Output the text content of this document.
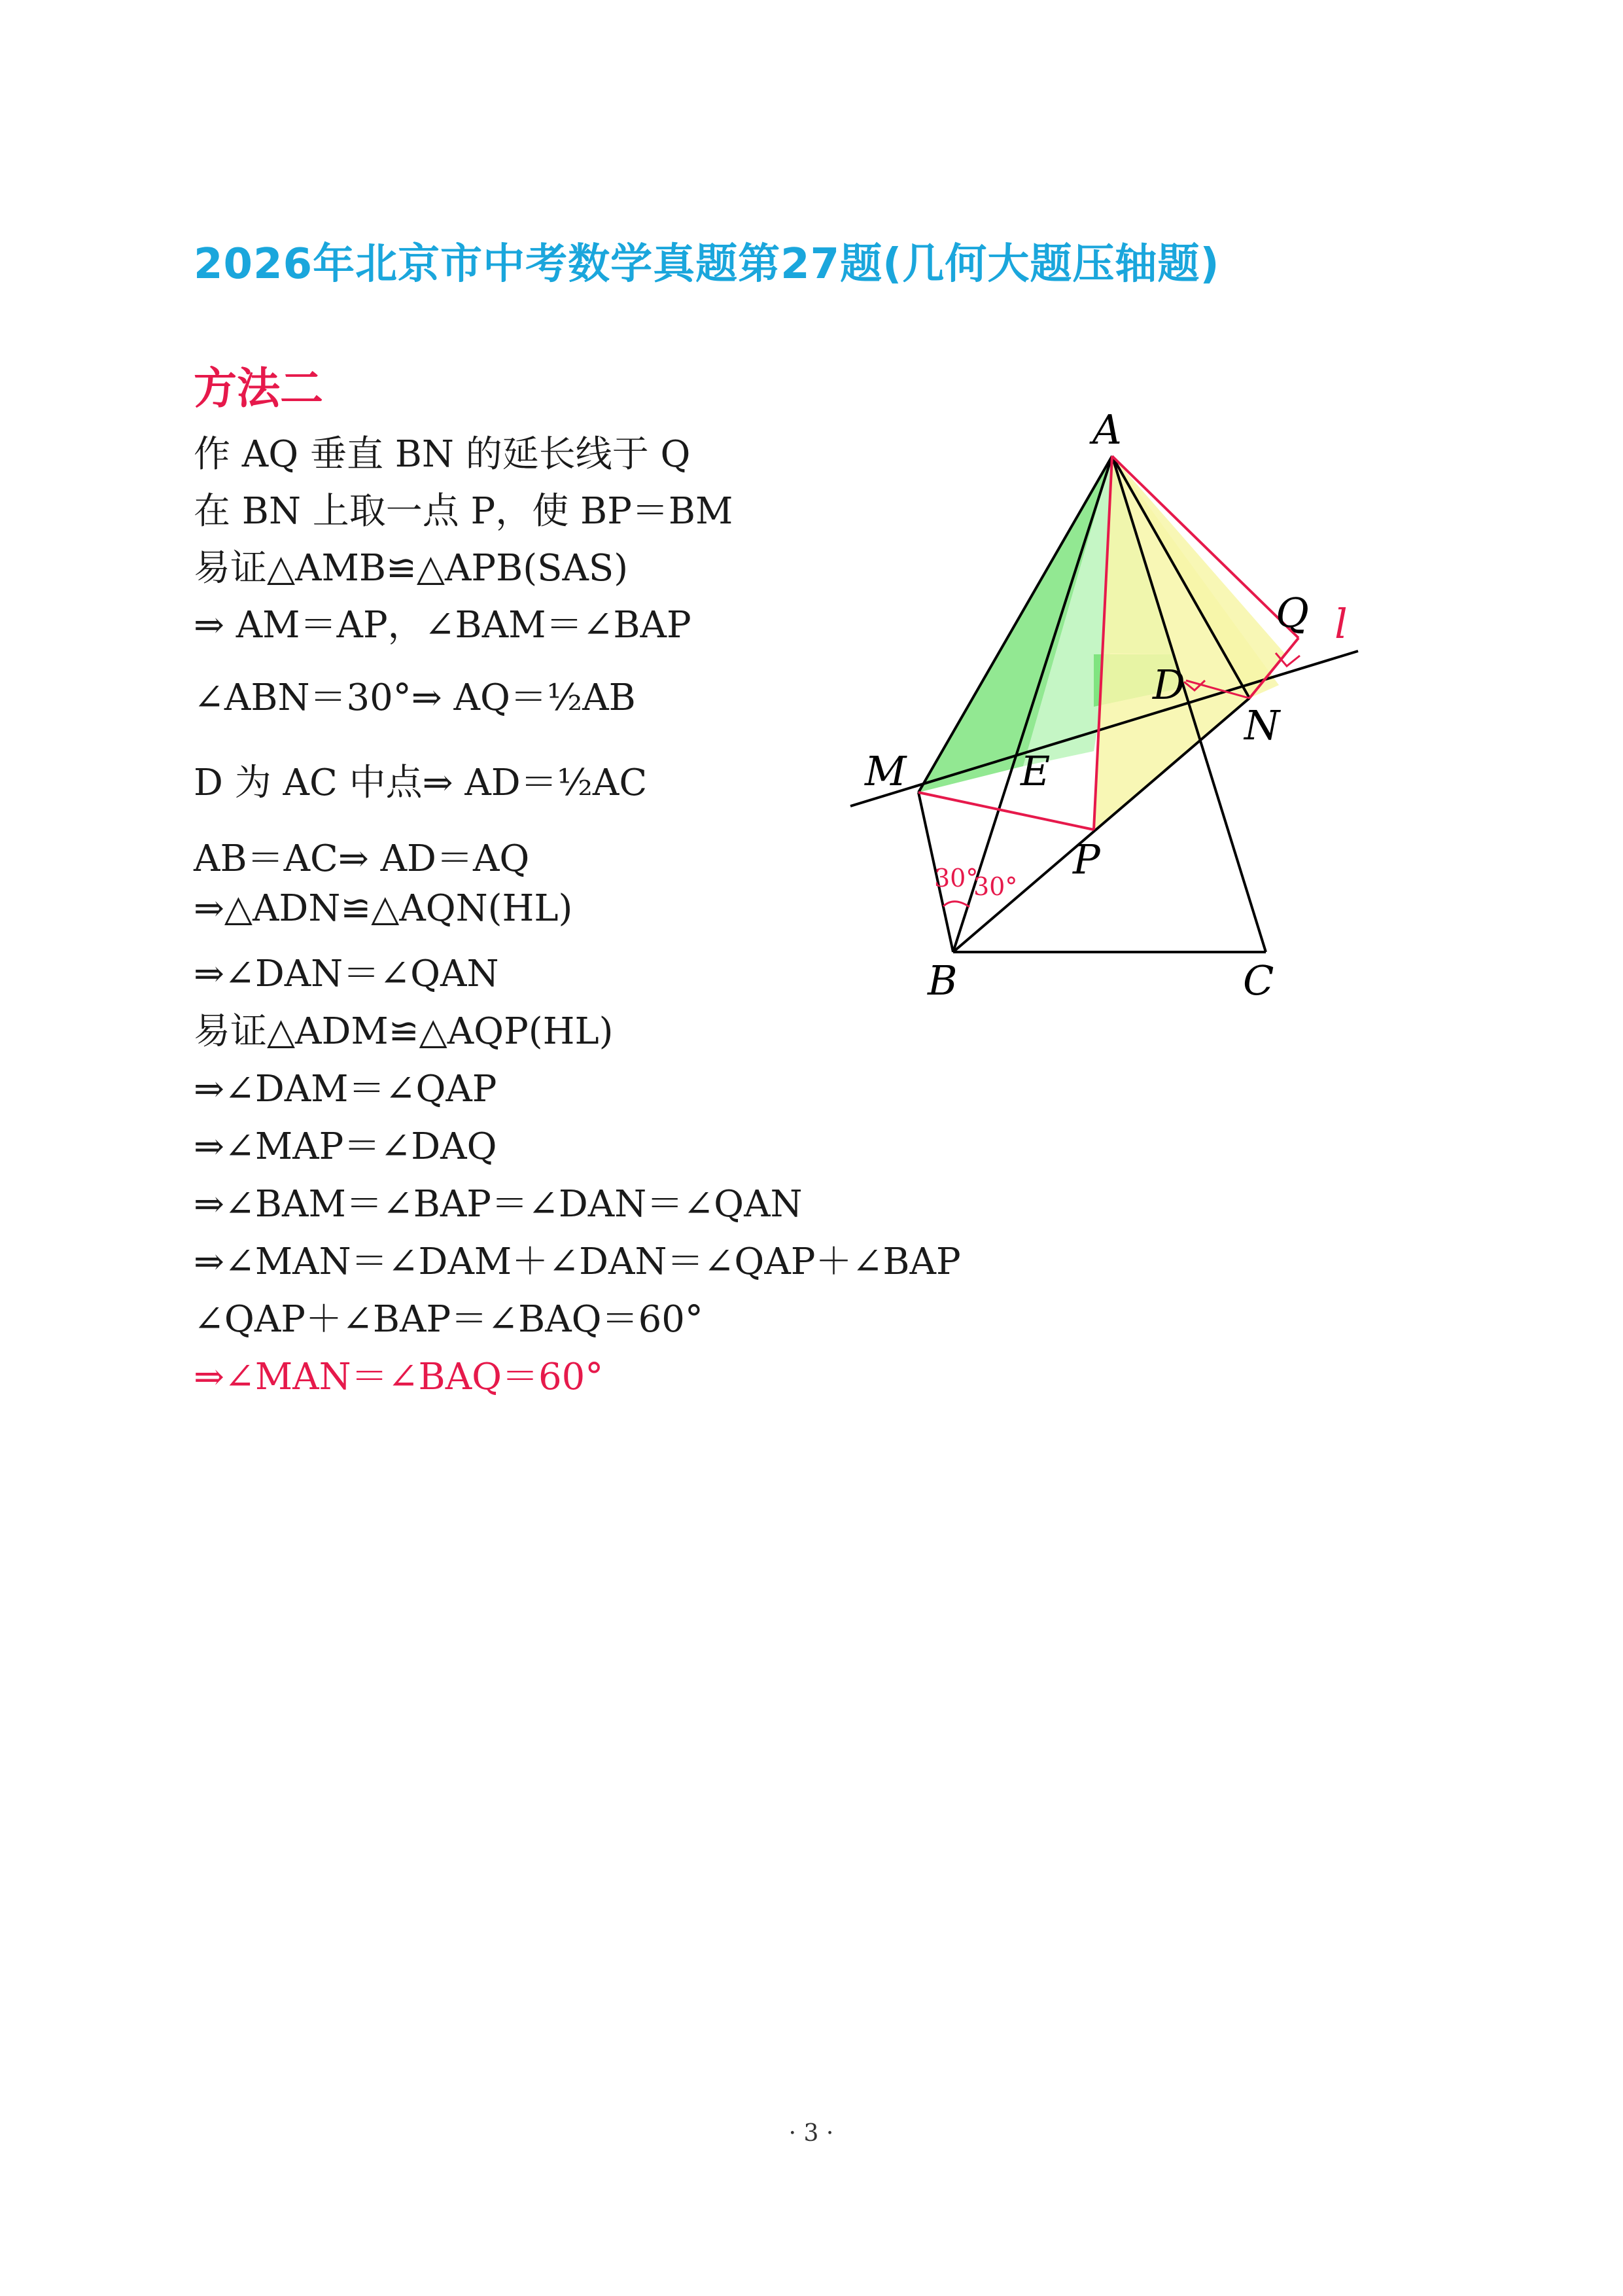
2026年北京市中考数学真题第27题(几何大题压轴题)
方法二
作 AQ 垂直 BN 的延长线于 Q
在 BN 上取一点 P，使 BP＝BM
易证△AMB≌△APB(SAS)
⇒ AM＝AP，∠BAM＝∠BAP
∠ABN＝30°⇒ AQ＝½AB
D 为 AC 中点⇒ AD＝½AC
AB＝AC⇒ AD＝AQ
⇒△ADN≌△AQN(HL)
⇒∠DAN＝∠QAN
易证△ADM≌△AQP(HL)
⇒∠DAM＝∠QAP
⇒∠MAP＝∠DAQ
⇒∠BAM＝∠BAP＝∠DAN＝∠QAN
⇒∠MAN＝∠DAM＋∠DAN＝∠QAP＋∠BAP
∠QAP＋∠BAP＝∠BAQ＝60°
⇒∠MAN＝∠BAQ＝60°
A
B	C
D
E
M
N
P
Q l
30°
30°
· 3 ·
